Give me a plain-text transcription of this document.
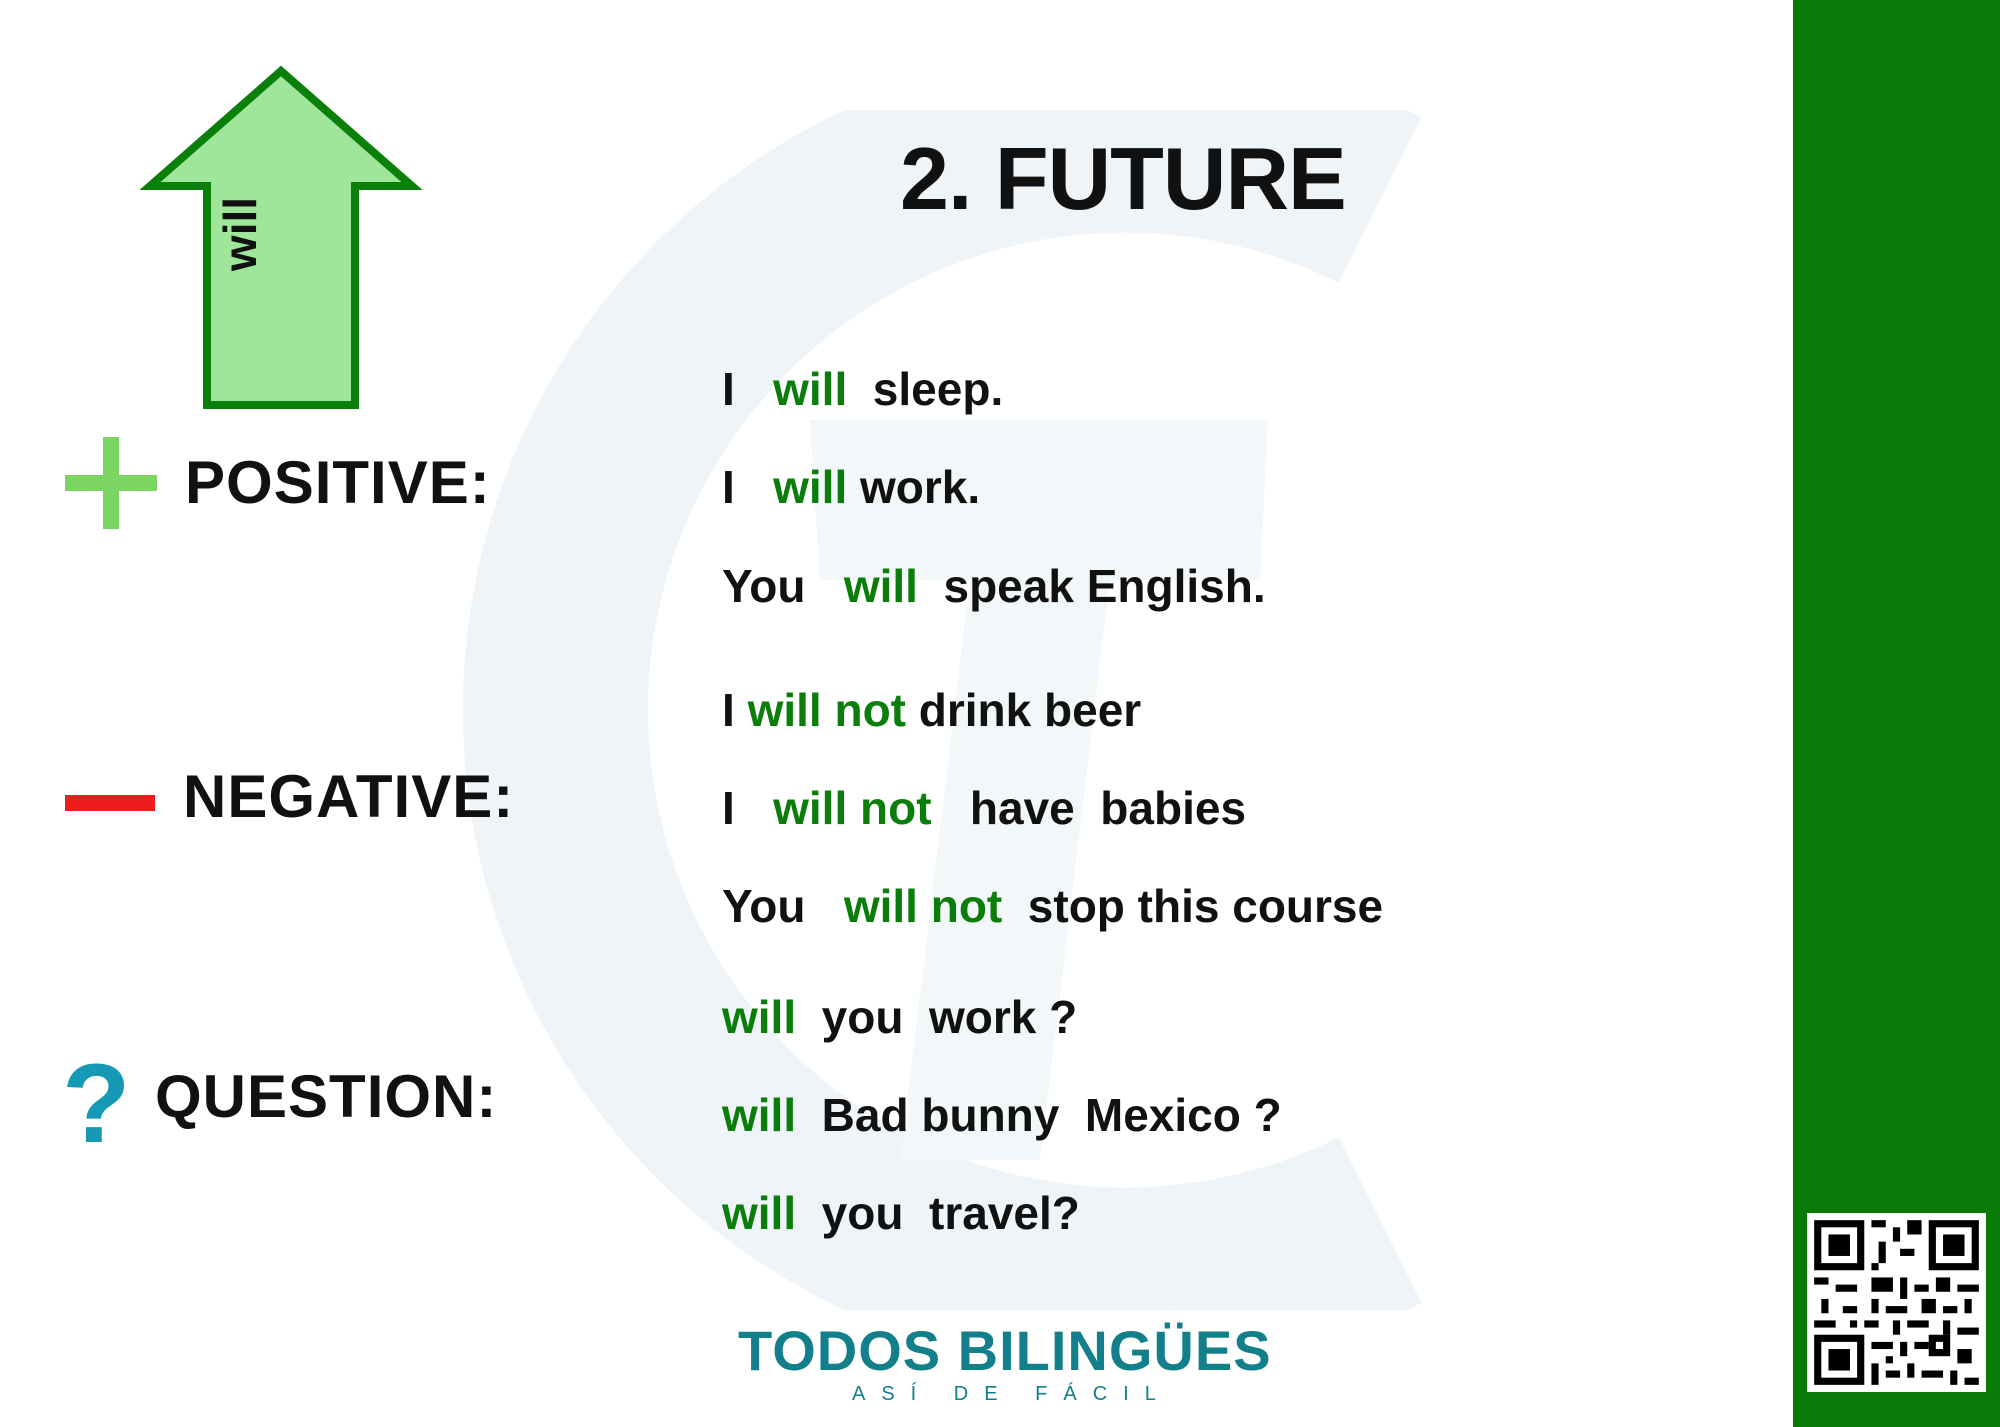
will
2. FUTURE
POSITIVE:
NEGATIVE:
? QUESTION:
I   will  sleep.
I   will work.
You   will  speak English.
I will not drink beer
I   will not   have  babies
You   will not  stop this course
will  you  work ?
will  Bad bunny  Mexico ?
will  you  travel?
TODOS BILINGÜES
ASÍ DE FÁCIL
